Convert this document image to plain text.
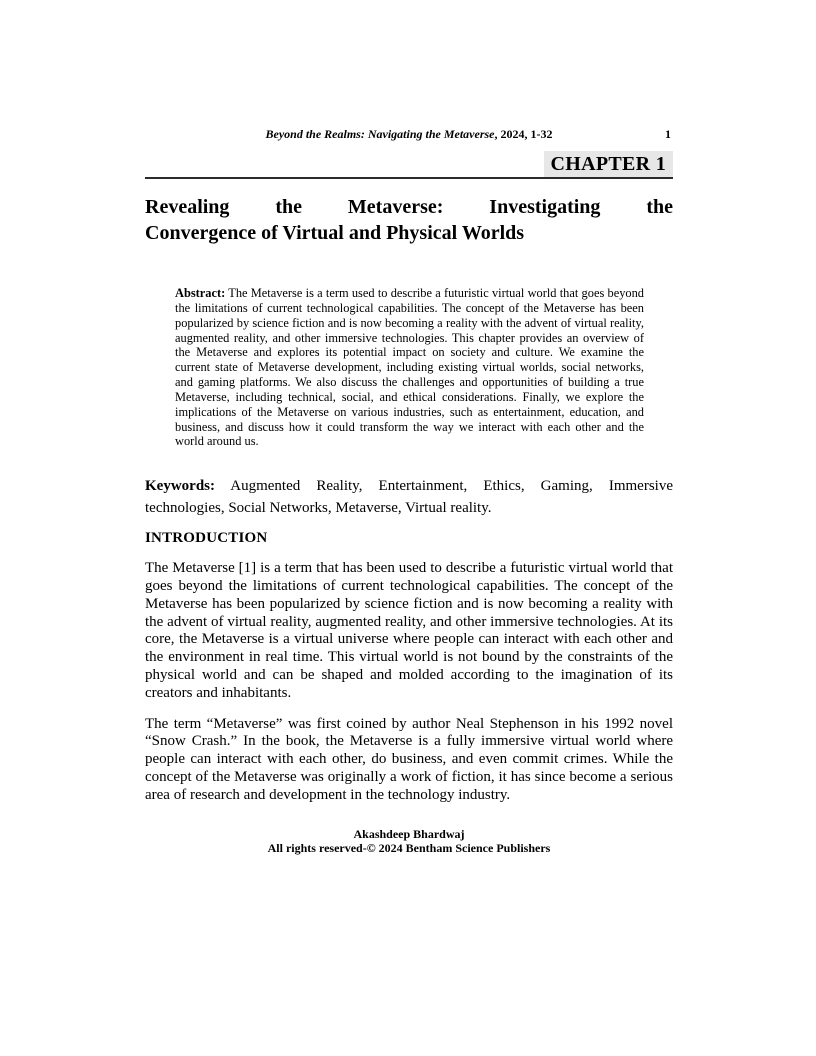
Beyond the Realms: Navigating the Metaverse, 2024, 1-32	1
CHAPTER 1
Revealing the Metaverse: Investigating the
Convergence of Virtual and Physical Worlds
Abstract: The Metaverse is a term used to describe a futuristic virtual world that goes beyond the limitations of current technological capabilities. The concept of the Metaverse has been popularized by science fiction and is now becoming a reality with the advent of virtual reality, augmented reality, and other immersive technologies. This chapter provides an overview of the Metaverse and explores its potential impact on society and culture. We examine the current state of Metaverse development, including existing virtual worlds, social networks, and gaming platforms. We also discuss the challenges and opportunities of building a true Metaverse, including technical, social, and ethical considerations. Finally, we explore the implications of the Metaverse on various industries, such as entertainment, education, and business, and discuss how it could transform the way we interact with each other and the world around us.
Keywords: Augmented Reality, Entertainment, Ethics, Gaming, Immersive technologies, Social Networks, Metaverse, Virtual reality.
INTRODUCTION
The Metaverse [1] is a term that has been used to describe a futuristic virtual world that goes beyond the limitations of current technological capabilities. The concept of the Metaverse has been popularized by science fiction and is now becoming a reality with the advent of virtual reality, augmented reality, and other immersive technologies. At its core, the Metaverse is a virtual universe where people can interact with each other and the environment in real time. This virtual world is not bound by the constraints of the physical world and can be shaped and molded according to the imagination of its creators and inhabitants.
The term “Metaverse” was first coined by author Neal Stephenson in his 1992 novel “Snow Crash.” In the book, the Metaverse is a fully immersive virtual world where people can interact with each other, do business, and even commit crimes. While the concept of the Metaverse was originally a work of fiction, it has since become a serious area of research and development in the technology industry.
Akashdeep Bhardwaj
All rights reserved-© 2024 Bentham Science Publishers
